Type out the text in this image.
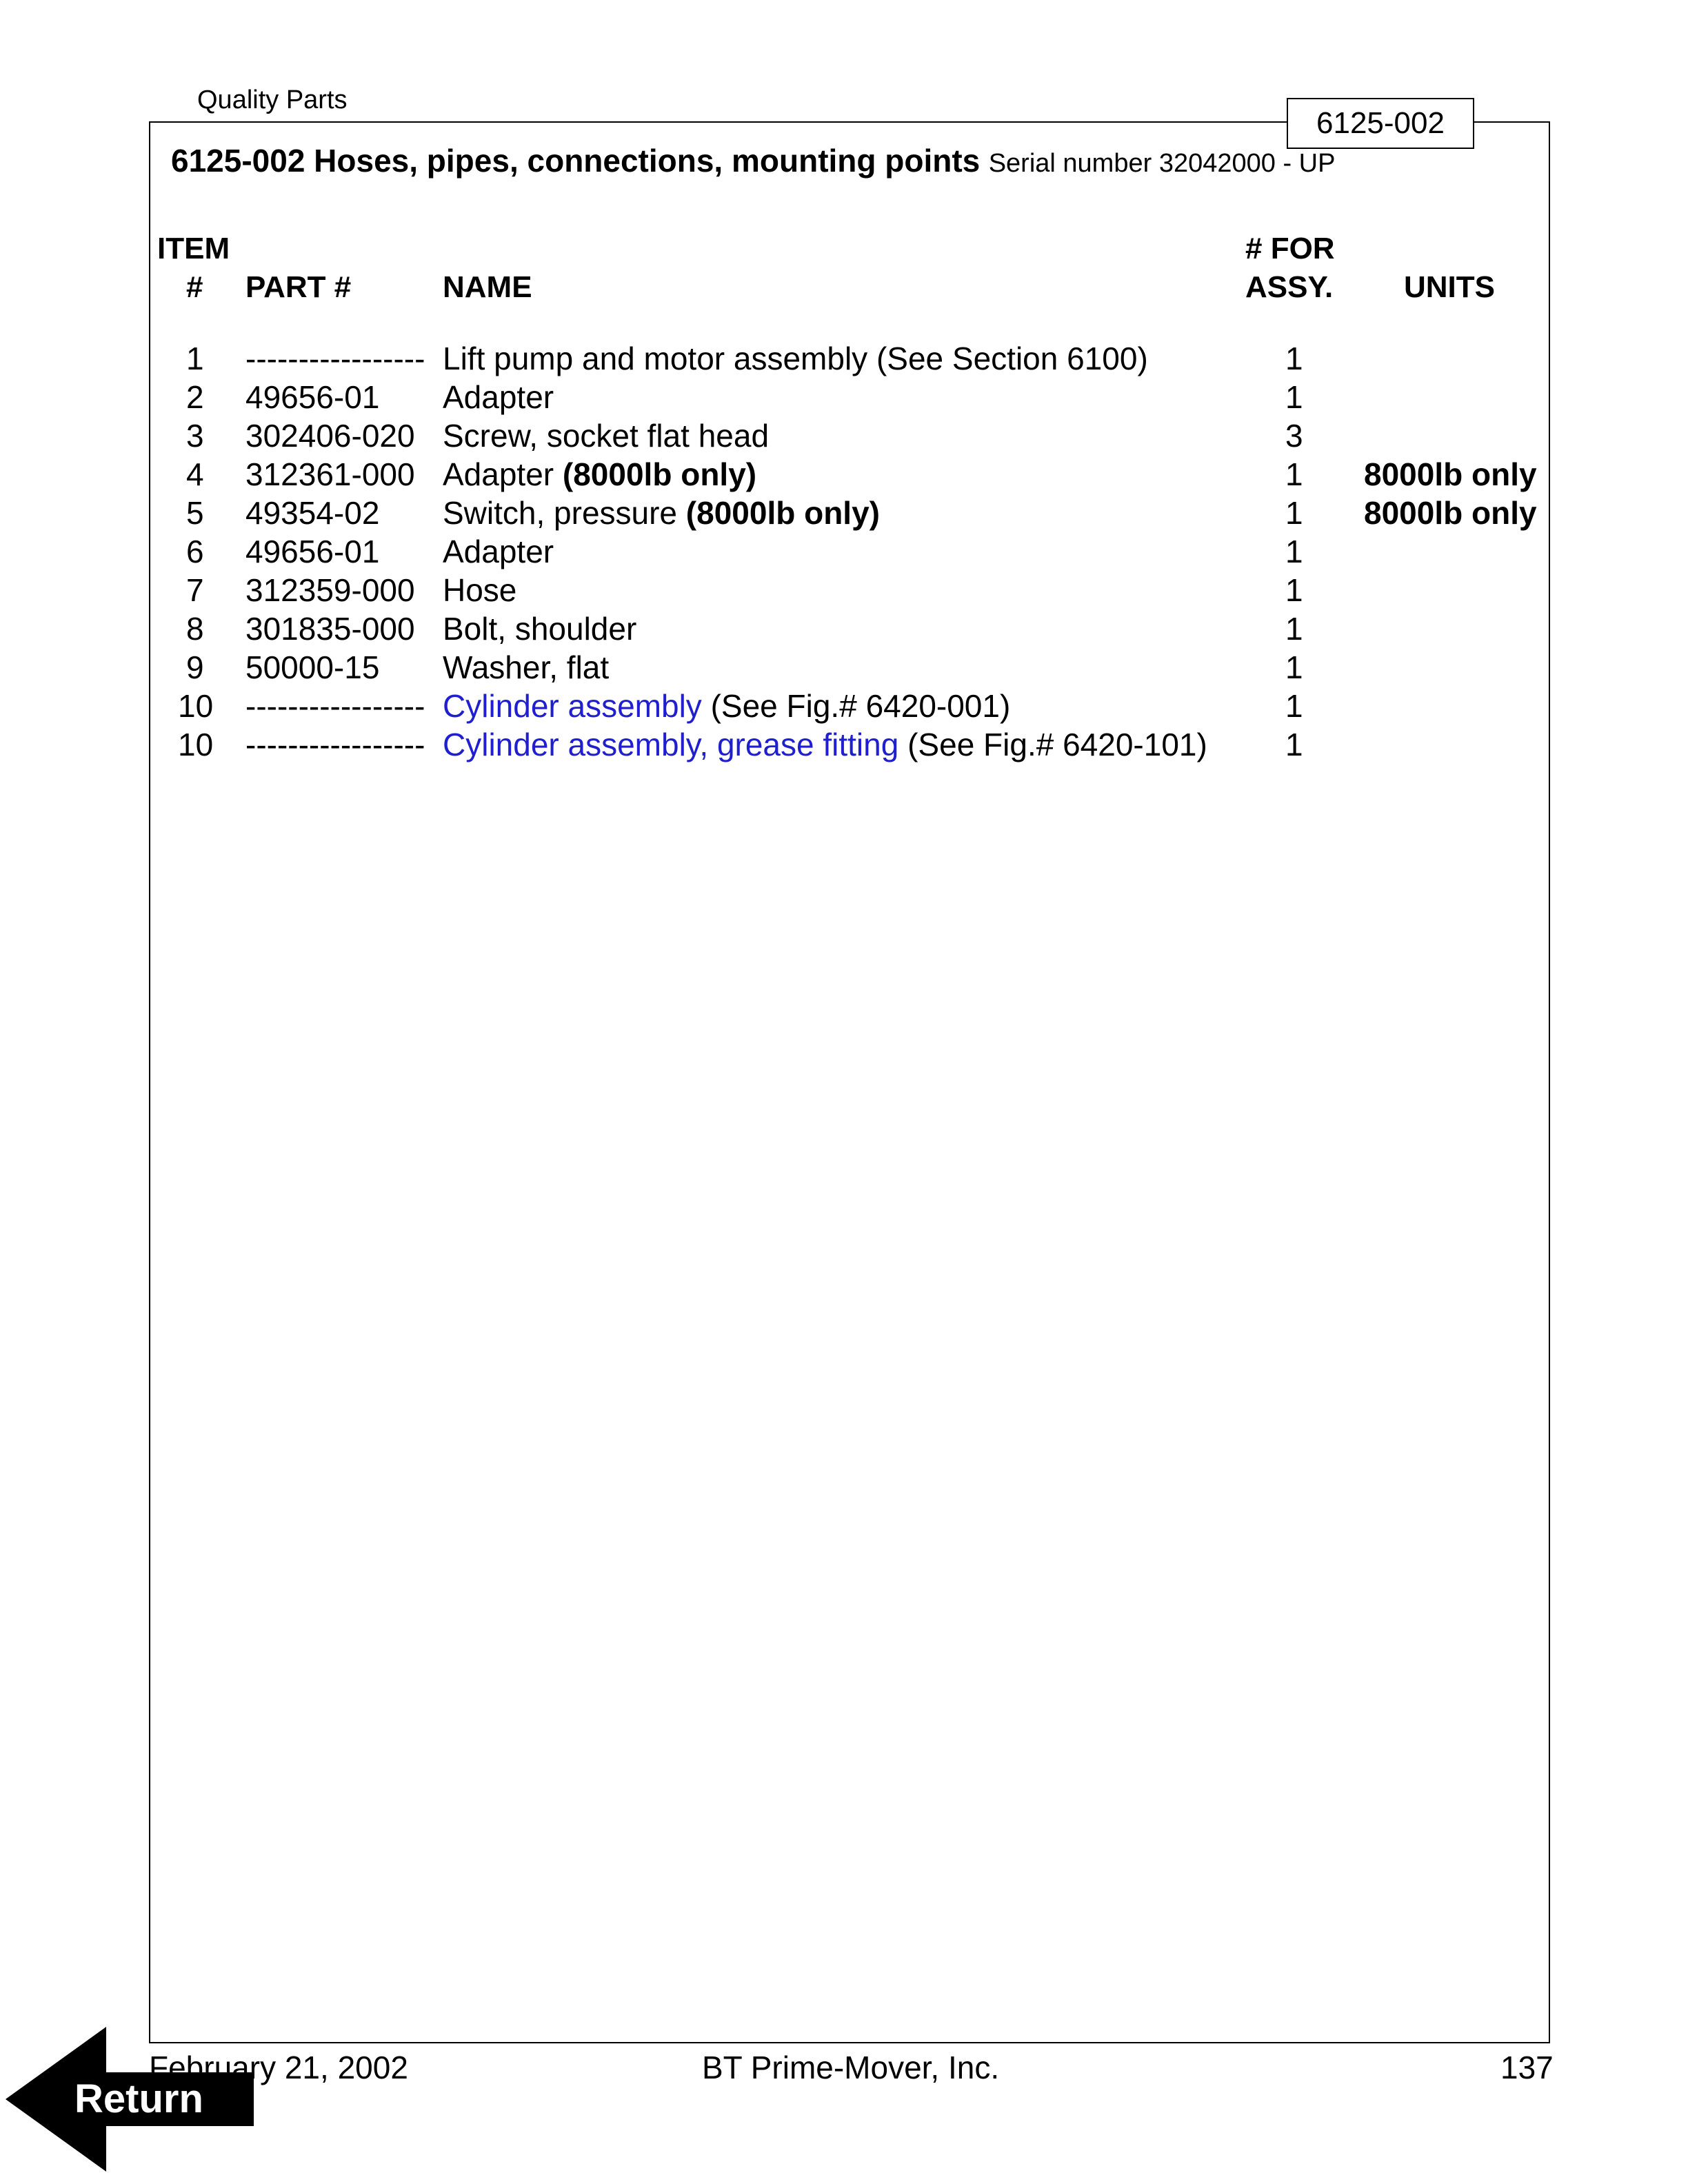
Quality Parts
6125-002
6125-002 Hoses, pipes, connections, mounting points Serial number 32042000 - UP
ITEM
# PART #	NAME
# FOR
ASSY. UNITS
1 ----------------- Lift pump and motor assembly (See Section 6100)	1
2 49656-01 Adapter	1
3 302406-020 Screw, socket flat head	3
4 312361-000 Adapter (8000lb only)	1 8000lb only
5 49354-02 Switch, pressure (8000lb only)	1 8000lb only
6 49656-01 Adapter	1
7 312359-000 Hose	1
8 301835-000 Bolt, shoulder	1
9 50000-15 Washer, flat	1
10 ----------------- Cylinder assembly (See Fig.# 6420-001)	1
10 ----------------- Cylinder assembly, grease fitting (See Fig.# 6420-101) 1
February 21, 2002	BT Prime-Mover, Inc.	137
Return
